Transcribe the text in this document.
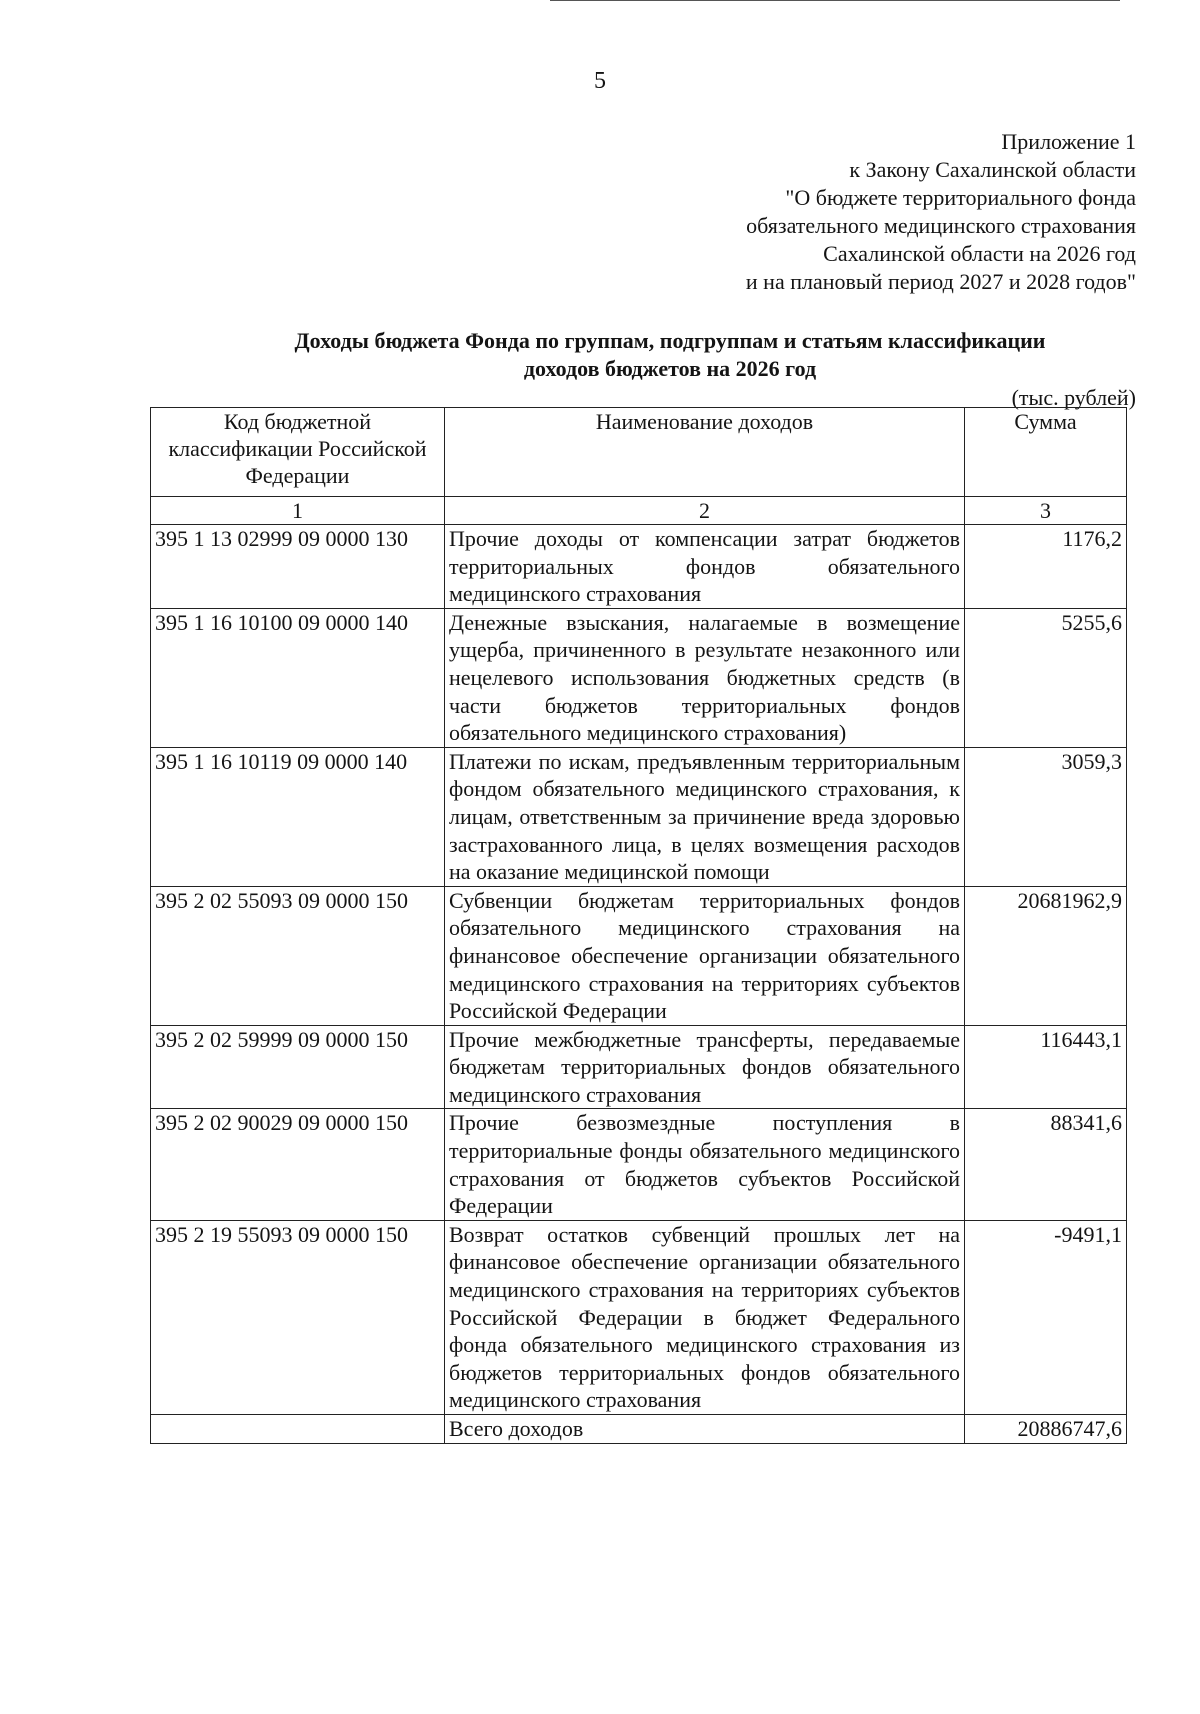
5
Приложение 1
к Закону Сахалинской области
"О бюджете территориального фонда
обязательного медицинского страхования
Сахалинской области на 2026 год
и на плановый период 2027 и 2028 годов"
Доходы бюджета Фонда по группам, подгруппам и статьям классификации
доходов бюджетов на 2026 год
(тыс. рублей)
Код бюджетной классификации Российской Федерации	Наименование доходов	Сумма
1	2	3
395 1 13 02999 09 0000 130	Прочие доходы от компенсации затрат бюджетов территориальных фондов обязательного медицинского страхования	1176,2
395 1 16 10100 09 0000 140	Денежные взыскания, налагаемые в возмещение ущерба, причиненного в результате незаконного или нецелевого использования бюджетных средств (в части бюджетов территориальных фондов обязательного медицинского страхования)	5255,6
395 1 16 10119 09 0000 140	Платежи по искам, предъявленным территориальным фондом обязательного медицинского страхования, к лицам, ответственным за причинение вреда здоровью застрахованного лица, в целях возмещения расходов на оказание медицинской помощи	3059,3
395 2 02 55093 09 0000 150	Субвенции бюджетам территориальных фондов обязательного медицинского страхования на финансовое обеспечение организации обязательного медицинского страхования на территориях субъектов Российской Федерации	20681962,9
395 2 02 59999 09 0000 150	Прочие межбюджетные трансферты, передаваемые бюджетам территориальных фондов обязательного медицинского страхования	116443,1
395 2 02 90029 09 0000 150	Прочие безвозмездные поступления в территориальные фонды обязательного медицинского страхования от бюджетов субъектов Российской Федерации	88341,6
395 2 19 55093 09 0000 150	Возврат остатков субвенций прошлых лет на финансовое обеспечение организации обязательного медицинского страхования на территориях субъектов Российской Федерации в бюджет Федерального фонда обязательного медицинского страхования из бюджетов территориальных фондов обязательного медицинского страхования	-9491,1
	Всего доходов	20886747,6
